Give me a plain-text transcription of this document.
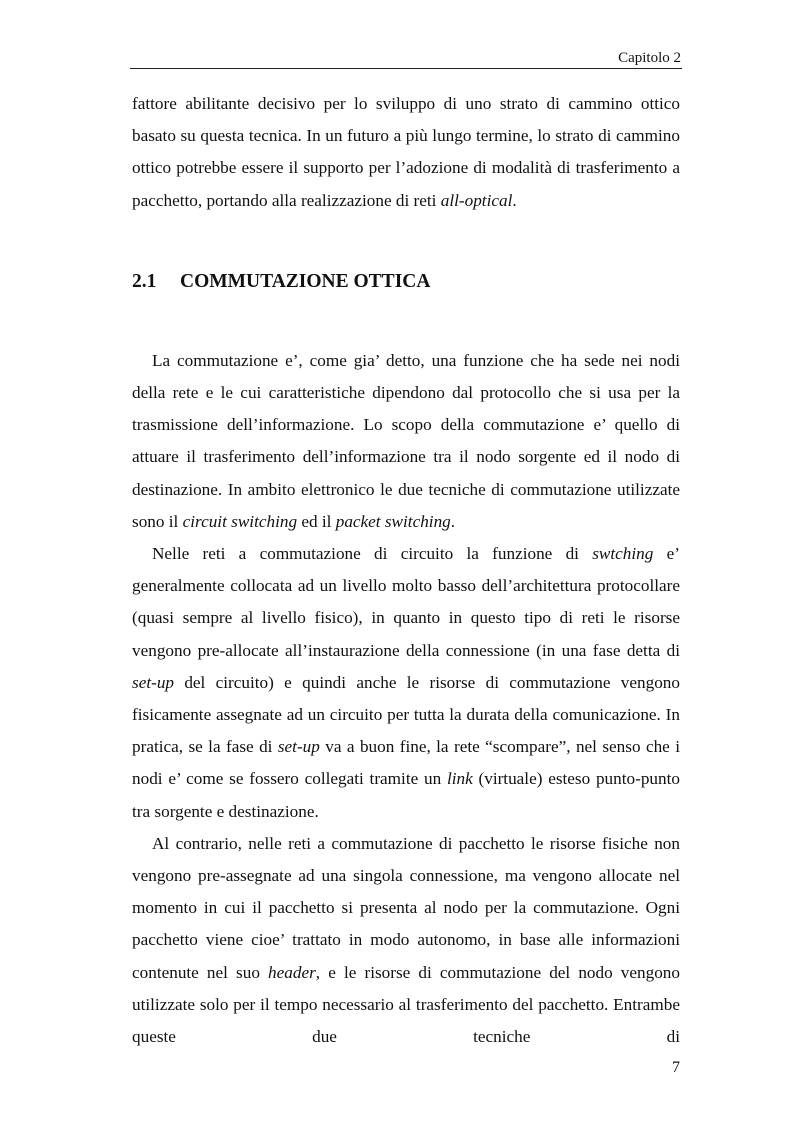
Capitolo 2

fattore abilitante decisivo per lo sviluppo di uno strato di cammino ottico basato su questa tecnica. In un futuro a più lungo termine, lo strato di cammino ottico potrebbe essere il supporto per l’adozione di modalità di trasferimento a pacchetto, portando alla realizzazione di reti all-optical.

2.1	COMMUTAZIONE OTTICA

La commutazione e’, come gia’ detto, una funzione che ha sede nei nodi della rete e le cui caratteristiche dipendono dal protocollo che si usa per la trasmissione dell’informazione. Lo scopo della commutazione e’ quello di attuare il trasferimento dell’informazione tra il nodo sorgente ed il nodo di destinazione. In ambito elettronico le due tecniche di commutazione utilizzate sono il circuit switching ed il packet switching.

Nelle reti a commutazione di circuito la funzione di swtching e’ generalmente collocata ad un livello molto basso dell’architettura protocollare (quasi sempre al livello fisico), in quanto in questo tipo di reti le risorse vengono pre-allocate all’instaurazione della connessione (in una fase detta di set-up del circuito) e quindi anche le risorse di commutazione vengono fisicamente assegnate ad un circuito per tutta la durata della comunicazione. In pratica, se la fase di set-up va a buon fine, la rete “scompare”, nel senso che i nodi e’ come se fossero collegati tramite un link (virtuale) esteso punto-punto tra sorgente e destinazione.

Al contrario, nelle reti a commutazione di pacchetto le risorse fisiche non vengono pre-assegnate ad una singola connessione, ma vengono allocate nel momento in cui il pacchetto si presenta al nodo per la commutazione. Ogni pacchetto viene cioe’ trattato in modo autonomo, in base alle informazioni contenute nel suo header, e le risorse di commutazione del nodo vengono utilizzate solo per il tempo necessario al trasferimento del pacchetto. Entrambe queste due tecniche di

7
